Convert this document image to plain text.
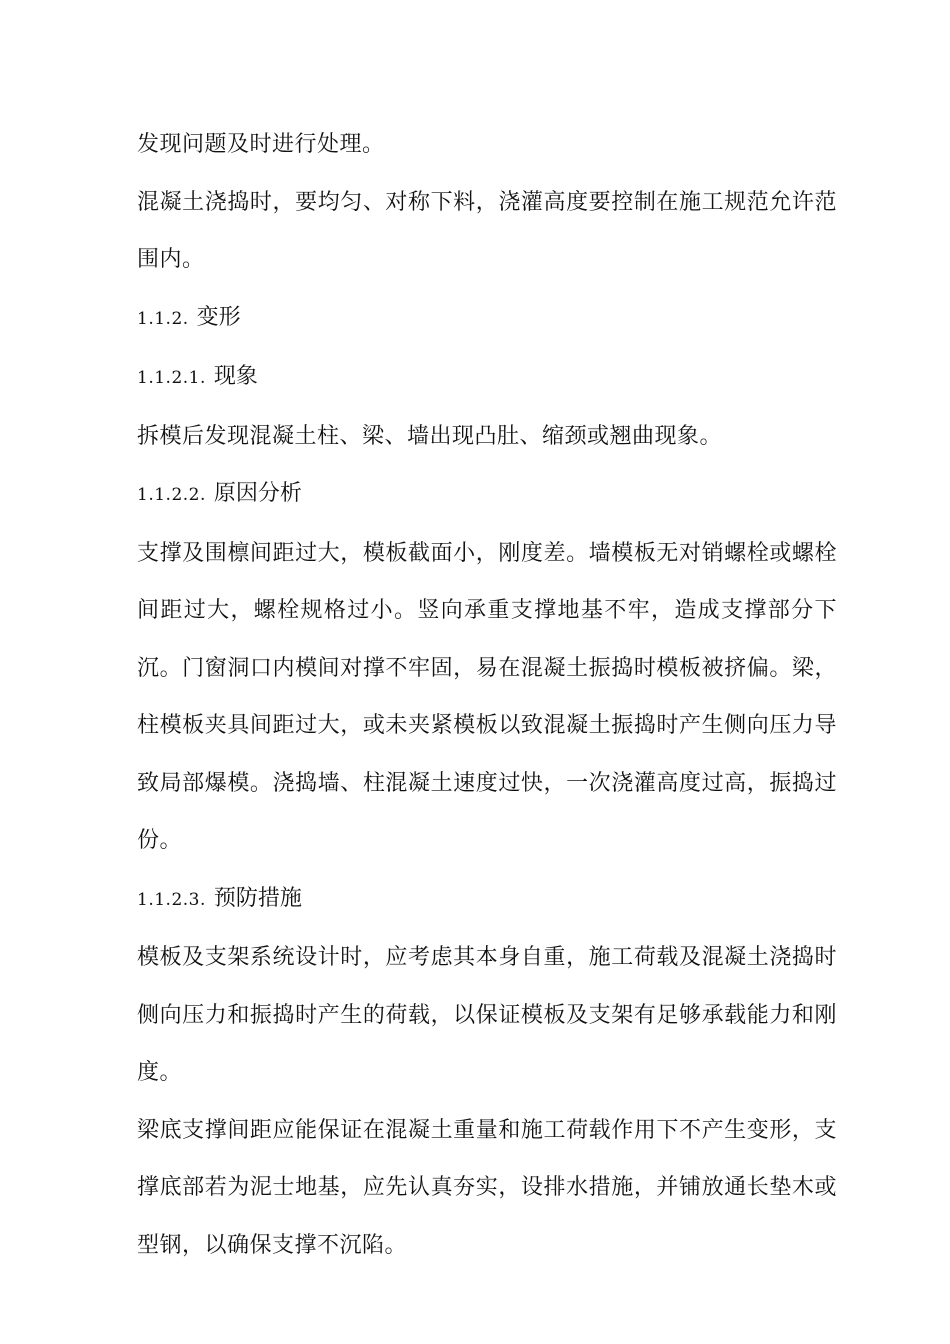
发现问题及时进行处理。

混凝土浇捣时，要均匀、对称下料，浇灌高度要控制在施工规范允许范围内。

1.1.2. 变形

1.1.2.1. 现象

拆模后发现混凝土柱、梁、墙出现凸肚、缩颈或翘曲现象。

1.1.2.2. 原因分析

支撑及围檩间距过大，模板截面小，刚度差。墙模板无对销螺栓或螺栓间距过大，螺栓规格过小。竖向承重支撑地基不牢，造成支撑部分下沉。门窗洞口内模间对撑不牢固，易在混凝土振捣时模板被挤偏。梁，柱模板夹具间距过大，或未夹紧模板以致混凝土振捣时产生侧向压力导致局部爆模。浇捣墙、柱混凝土速度过快，一次浇灌高度过高，振捣过份。

1.1.2.3. 预防措施

模板及支架系统设计时，应考虑其本身自重，施工荷载及混凝土浇捣时侧向压力和振捣时产生的荷载，以保证模板及支架有足够承载能力和刚度。

梁底支撑间距应能保证在混凝土重量和施工荷载作用下不产生变形，支撑底部若为泥士地基，应先认真夯实，设排水措施，并铺放通长垫木或型钢，以确保支撑不沉陷。
